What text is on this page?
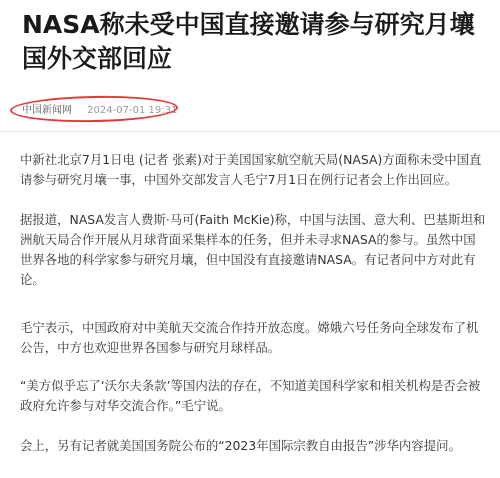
NASA称未受中国直接邀请参与研究月壤
国外交部回应
中国新闻网 2024-07-01 19:31

中新社北京7月1日电 (记者 张素)对于美国国家航空航天局(NASA)方面称未受中国直
请参与研究月壤一事，中国外交部发言人毛宁7月1日在例行记者会上作出回应。

据报道，NASA发言人费斯·马可(Faith McKie)称，中国与法国、意大利、巴基斯坦和
洲航天局合作开展从月球背面采集样本的任务，但并未寻求NASA的参与。虽然中国
世界各地的科学家参与研究月壤，但中国没有直接邀请NASA。有记者问中方对此有
论。

毛宁表示，中国政府对中美航天交流合作持开放态度。嫦娥六号任务向全球发布了机
公告，中方也欢迎世界各国参与研究月球样品。

“美方似乎忘了‘沃尔夫条款’等国内法的存在，不知道美国科学家和相关机构是否会被
政府允许参与对华交流合作。”毛宁说。

会上，另有记者就美国国务院公布的“2023年国际宗教自由报告”涉华内容提问。
